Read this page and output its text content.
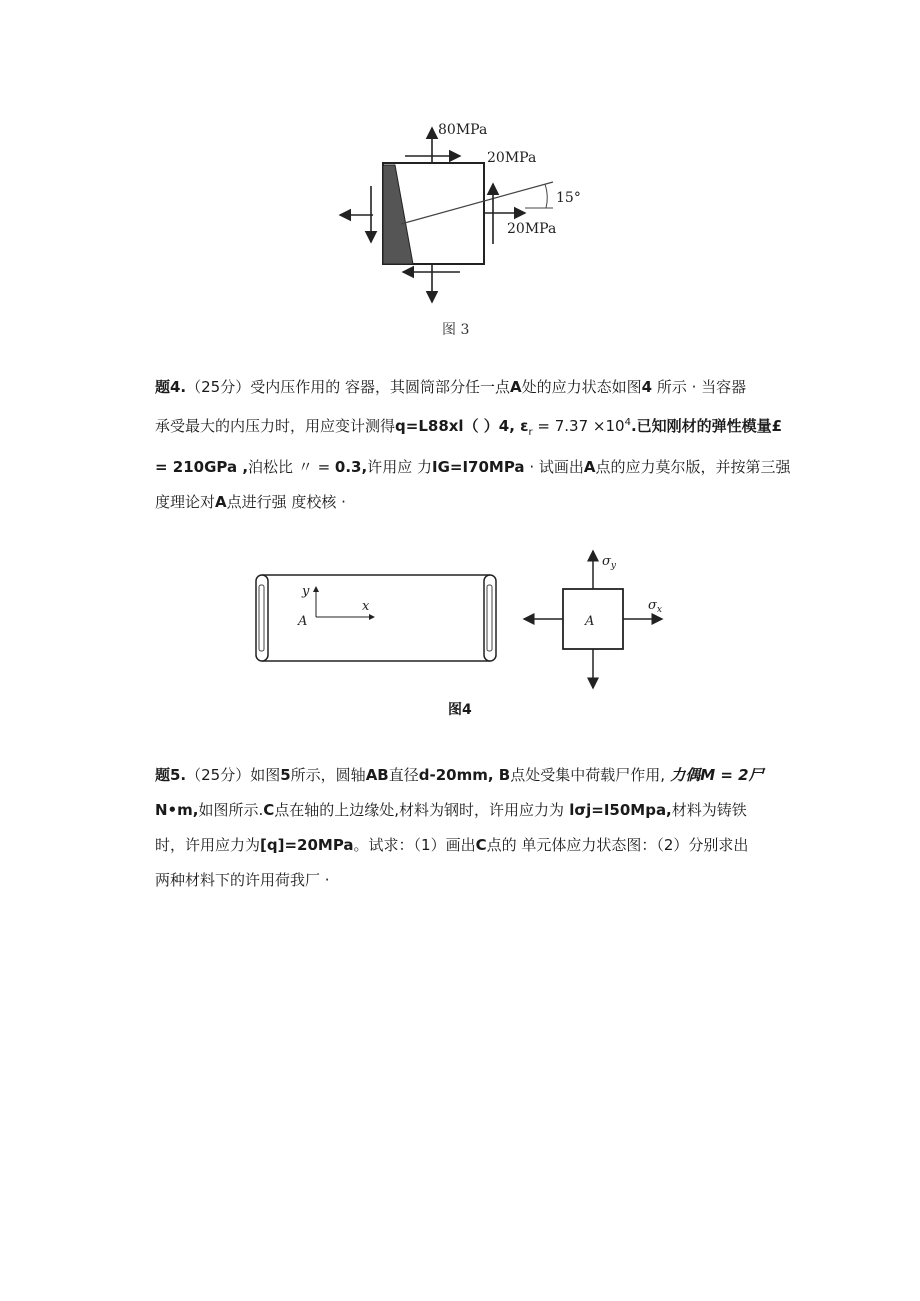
80MPa
20MPa
20MPa
15°
图 3
题4.（25分）受内压作用的 容器，其圆筒部分任一点A处的应力状态如图4 所示 · 当容器
承受最大的内压力时，用应变计测得q=L88xl（ ）4, $\varepsilon_r = 7.37 \times 10^4$.已知刚材的弹性模量£
= 210GPa ,泊松比 〃 = 0.3,许用应 力IG=I70MPa · 试画出A点的应力莫尔版，并按第三强
度理论对A点进行强 度校核 ·
y
x
A	A
$\sigma_y$
$\sigma_x$
图4
题5.（25分）如图5所示，圆轴AB直径d-20mm, B点处受集中荷载尸作用, 力偶M = 2尸
N•m,如图所示.C点在轴的上边缘处,材料为钢时，许用应力为 lσj=I50Mpa,材料为铸铁
时，许用应力为[q]=20MPa。试求：（1）画出C点的 单元体应力状态图：（2）分别求出
两种材料下的许用荷我厂 ·
